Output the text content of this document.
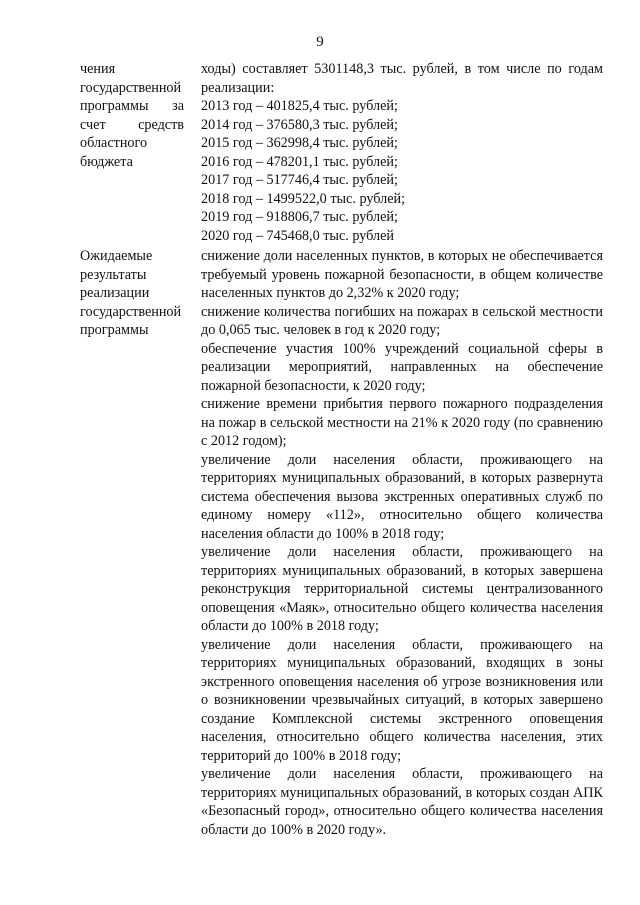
9
чения государственной программы за счет средств областного бюджета

ходы) составляет 5301148,3 тыс. рублей, в том числе по годам реализации:

2013 год – 401825,4 тыс. рублей;
2014 год – 376580,3 тыс. рублей;
2015 год – 362998,4 тыс. рублей;
2016 год – 478201,1 тыс. рублей;
2017 год – 517746,4 тыс. рублей;
2018 год – 1499522,0 тыс. рублей;
2019 год – 918806,7 тыс. рублей;
2020 год – 745468,0 тыс. рублей
Ожидаемые результаты реализации государственной программы

снижение доли населенных пунктов, в которых не обеспечивается требуемый уровень пожарной безопасности, в общем количестве населенных пунктов до 2,32% к 2020 году;

снижение количества погибших на пожарах в сельской местности до 0,065 тыс. человек в год к 2020 году;

обеспечение участия 100% учреждений социальной сферы в реализации мероприятий, направленных на обеспечение пожарной безопасности, к 2020 году;

снижение времени прибытия первого пожарного подразделения на пожар в сельской местности на 21% к 2020 году (по сравнению с 2012 годом);

увеличение доли населения области, проживающего на территориях муниципальных образований, в которых развернута система обеспечения вызова экстренных оперативных служб по единому номеру «112», относительно общего количества населения области до 100% в 2018 году;

увеличение доли населения области, проживающего на территориях муниципальных образований, в которых завершена реконструкция территориальной системы централизованного оповещения «Маяк», относительно общего количества населения области до 100% в 2018 году;

увеличение доли населения области, проживающего на территориях муниципальных образований, входящих в зоны экстренного оповещения населения об угрозе возникновения или о возникновении чрезвычайных ситуаций, в которых завершено создание Комплексной системы экстренного оповещения населения, относительно общего количества населения, этих территорий до 100% в 2018 году;

увеличение доли населения области, проживающего на территориях муниципальных образований, в которых создан АПК «Безопасный город», относительно общего количества населения области до 100% в 2020 году».
